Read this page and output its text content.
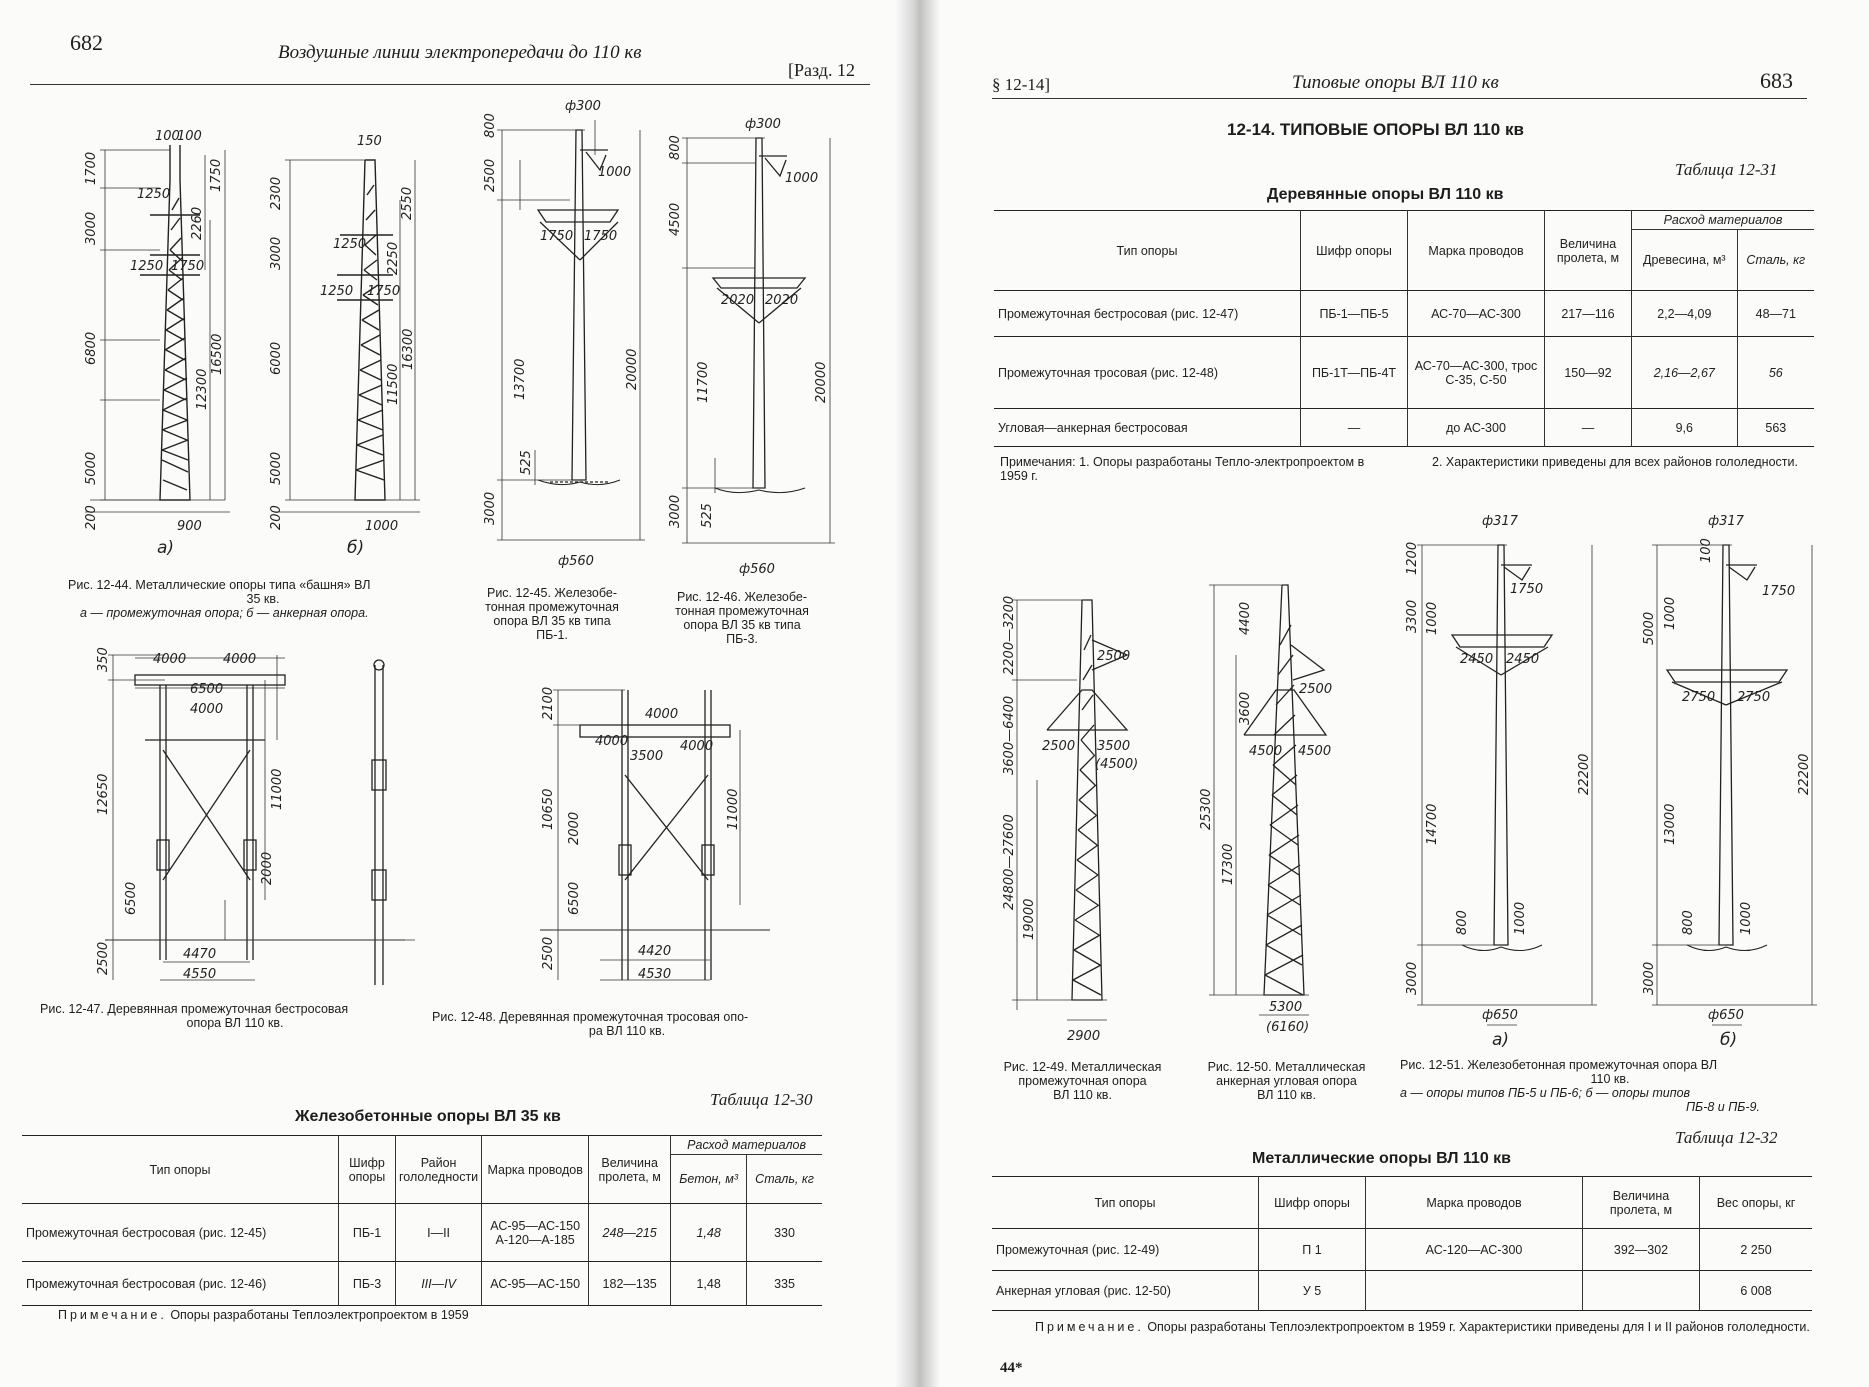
682	Воздушные линии электропередачи до 110 кв
[Разд. 12
100
100
1700
1250
3000	2260
1750
1250 1750
6800	16500
12300
5000
200	900
150
2300	2550
1250
3000	2250
1250 1750
6000	16300
11500
5000
200	1000
а)	б)
Рис. 12-44. Металлические опоры типа «башня» ВЛ
35 кв.
а — промежуточная опора; б — анкерная опора.
ф300
2500
800
1000
1750 1750
13700	20000
525
3000
ф560
Рис. 12-45. Железобе-
тонная промежуточная
опора ВЛ 35 кв типа
ПБ-1.
ф300
800
1000
4500
2020 2020
11700	20000
3000 525
ф560
Рис. 12-46. Железобе-
тонная промежуточная
опора ВЛ 35 кв типа
ПБ-3.
350	4000	4000
6500
4000
12650	11000
2000
6500
2500	4470
4550
Рис. 12-47. Деревянная промежуточная бестросовая
опора ВЛ 110 кв.
2100	4000
4000	4000
3500
10650	11000
2000
6500
2500	4420
4530
Рис. 12-48. Деревянная промежуточная тросовая опо-
ра ВЛ 110 кв.
Таблица 12-30
Железобетонные опоры ВЛ 35 кв
Тип опоры	Шифр опоры	Район гололедности	Марка проводов	Величина пролета, м	Расход материалов	
					Бетон, м³	Сталь, кг
Промежуточная бестросовая (рис. 12-45)	ПБ-1	I—II	АС-95—АС-150 А-120—А-185	248—215	1,48	330
Промежуточная бестросовая (рис. 12-46)	ПБ-3	III—IV	АС-95—АС-150	182—135	1,48	335
Примечание. Опоры разработаны Теплоэлектропроектом в 1959
§ 12-14]	Типовые опоры ВЛ 110 кв	683
12-14. ТИПОВЫЕ ОПОРЫ ВЛ 110 кв
Таблица 12-31
Деревянные опоры ВЛ 110 кв
Тип опоры	Шифр опоры	Марка проводов	Величина пролета, м	Расход материалов	
				Древесина, м³	Сталь, кг
Промежуточная бестросовая (рис. 12-47)	ПБ-1—ПБ-5	АС-70—АС-300	217—116	2,2—4,09	48—71
Промежуточная тросовая (рис. 12-48)	ПБ-1Т—ПБ-4Т	АС-70—АС-300, трос С-35, С-50	150—92	2,16—2,67	56
Угловая—анкерная бестросовая	—	до АС-300	—	9,6	563
Примечания: 1. Опоры разработаны Тепло-электропроектом в 1959 г.
2. Характеристики приведены для всех районов гололедности.
2200—3200	2500
3600—6400 2500 3500
(4500)
24800—27600
19000
2900
Рис. 12-49. Металлическая
промежуточная опора
ВЛ 110 кв.
4400
2500
3600
4500 4500
25300
17300
5300
(6160)
Рис. 12-50. Металлическая
анкерная угловая опора
ВЛ 110 кв.
ф317
1200
1750
3300 1000
2450 2450
14700
22200
800	1000
3000
ф650
ф317
100
1750
5000 1000
2750 2750
13000
22200
800	1000
3000
ф650
а)	б)
Рис. 12-51. Железобетонная промежуточная опора ВЛ
110 кв.
а — опоры типов ПБ-5 и ПБ-6; б — опоры типов
ПБ-8 и ПБ-9.
Таблица 12-32
Металлические опоры ВЛ 110 кв
Тип опоры	Шифр опоры	Марка проводов	Величина пролета, м	Вес опоры, кг
Промежуточная (рис. 12-49)	П 1	АС-120—АС-300	392—302	2 250
Анкерная угловая (рис. 12-50)	У 5			6 008
Примечание. Опоры разработаны Теплоэлектропроектом в 1959 г. Характеристики приведены для I и II районов гололедности.
44*
